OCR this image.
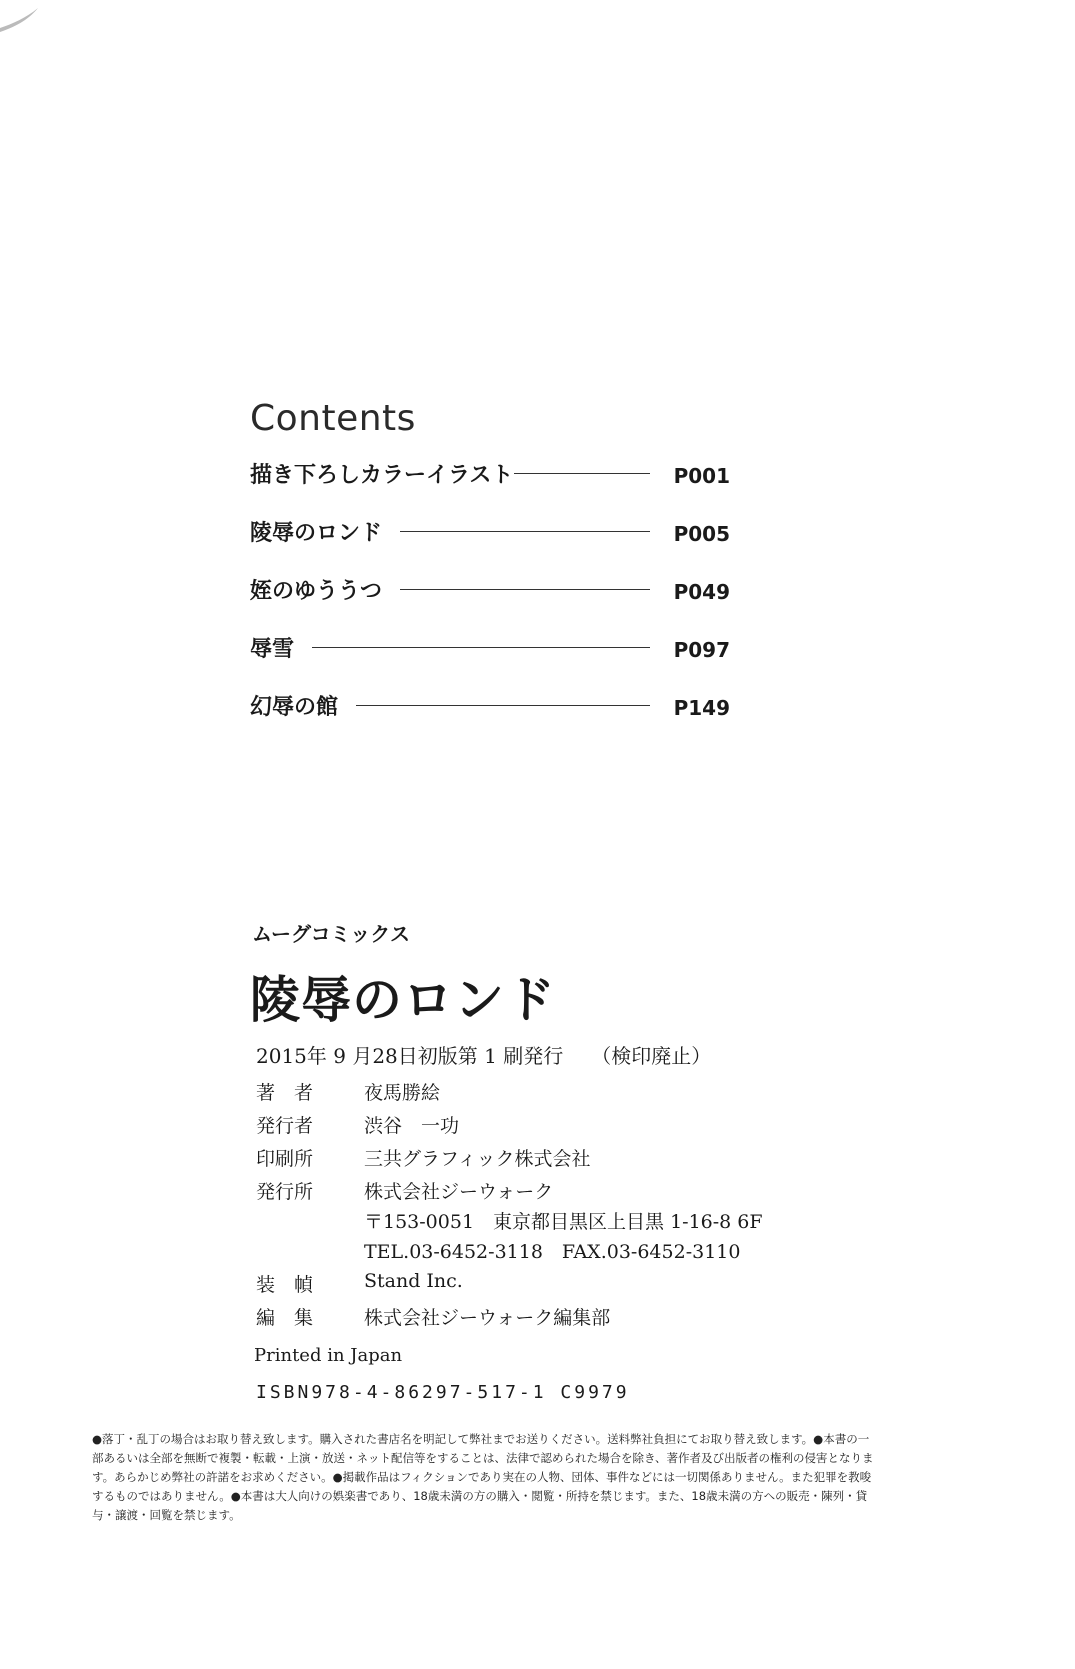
Contents
描き下ろしカラーイラスト	P001
陵辱のロンド	P005
姪のゆううつ	P049
辱雪	P097
幻辱の館	P149
ムーグコミックス
陵辱のロンド
2015年 9 月28日初版第 1 刷発行 （検印廃止）
著　者	夜馬勝絵
発行者	渋谷　一功
印刷所	三共グラフィック株式会社
発行所	株式会社ジーウォーク
〒153-0051　東京都目黒区上目黒 1-16-8 6F
TEL.03-6452-3118　FAX.03-6452-3110
装　幀	Stand Inc.
編　集	株式会社ジーウォーク編集部
Printed in Japan
ISBN978-4-86297-517-1 C9979
●落丁・乱丁の場合はお取り替え致します。購入された書店名を明記して弊社までお送りください。送料弊社負担にてお取り替え致します。●本書の一部あるいは全部を無断で複製・転載・上演・放送・ネット配信等をすることは、法律で認められた場合を除き、著作者及び出版者の権利の侵害となります。あらかじめ弊社の許諾をお求めください。●掲載作品はフィクションであり実在の人物、団体、事件などには一切関係ありません。また犯罪を教唆するものではありません。●本書は大人向けの娯楽書であり、18歳未満の方の購入・閲覧・所持を禁じます。また、18歳未満の方への販売・陳列・貸与・譲渡・回覧を禁じます。
